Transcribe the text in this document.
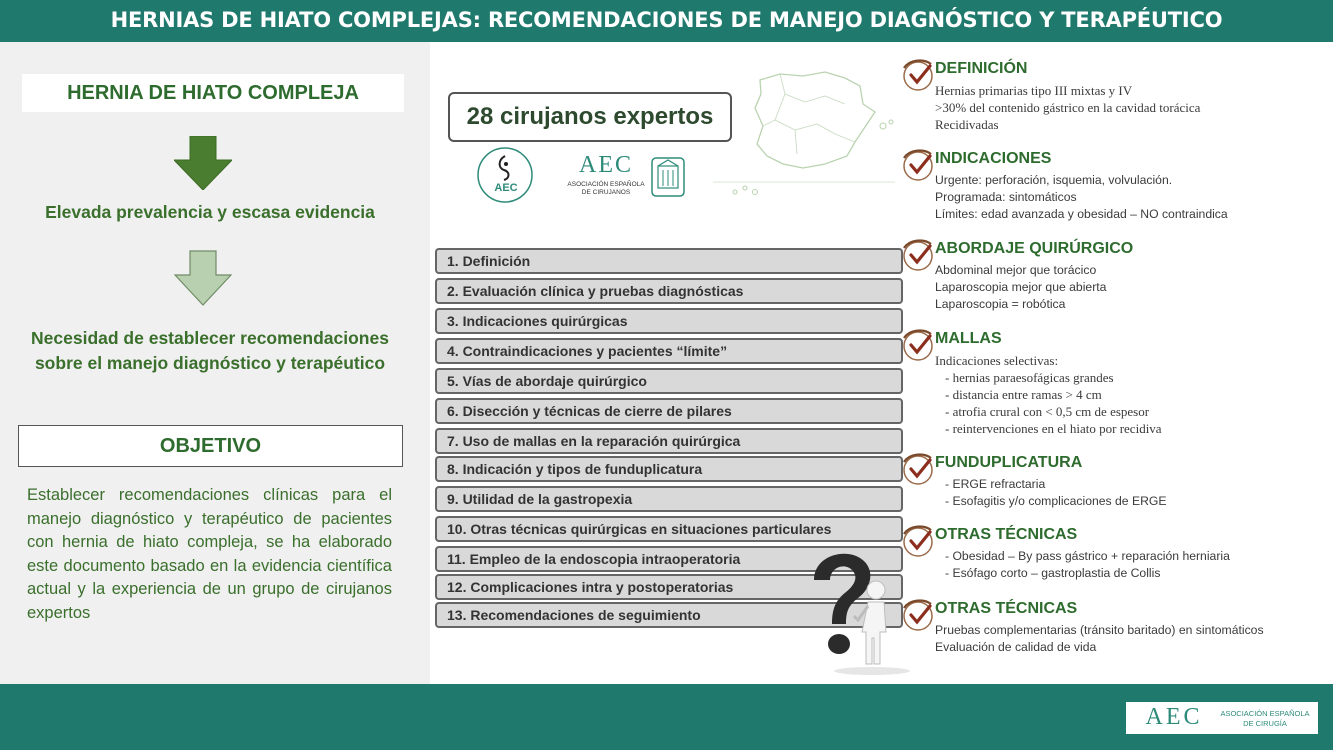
HERNIAS DE HIATO COMPLEJAS: RECOMENDACIONES DE MANEJO DIAGNÓSTICO Y TERAPÉUTICO
HERNIA DE HIATO COMPLEJA
Elevada prevalencia y escasa evidencia
Necesidad de establecer recomendaciones
sobre el manejo diagnóstico y terapéutico
OBJETIVO
Establecer recomendaciones clínicas para el manejo diagnóstico y terapéutico de pacientes con hernia de hiato compleja, se ha elaborado este documento basado en la evidencia científica actual y la experiencia de un grupo de cirujanos expertos
28 cirujanos expertos
AEC
AEC
ASOCIACIÓN ESPAÑOLA
DE CIRUJANOS
1. Definición
2. Evaluación clínica y pruebas diagnósticas
3. Indicaciones quirúrgicas
4. Contraindicaciones y pacientes “límite”
5. Vías de abordaje quirúrgico
6. Disección y técnicas de cierre de pilares
7. Uso de mallas en la reparación quirúrgica
8. Indicación y tipos de funduplicatura
9. Utilidad de la gastropexia
10. Otras técnicas quirúrgicas en situaciones particulares
11. Empleo de la endoscopia intraoperatoria
12. Complicaciones intra y postoperatorias
13. Recomendaciones de seguimiento
DEFINICIÓN
Hernias primarias tipo III mixtas y IV
>30% del contenido gástrico en la cavidad torácica
Recidivadas
INDICACIONES
Urgente: perforación, isquemia, volvulación.
Programada: sintomáticos
Límites: edad avanzada y obesidad – NO contraindica
ABORDAJE QUIRÚRGICO
Abdominal mejor que torácico
Laparoscopia mejor que abierta
Laparoscopia = robótica
MALLAS
Indicaciones selectivas:
- hernias paraesofágicas grandes
- distancia entre ramas > 4 cm
- atrofia crural con < 0,5 cm de espesor
- reintervenciones en el hiato por recidiva
FUNDUPLICATURA
- ERGE refractaria
- Esofagitis y/o complicaciones de ERGE
OTRAS TÉCNICAS
- Obesidad – By pass gástrico + reparación herniaria
- Esófago corto – gastroplastia de Collis
OTRAS TÉCNICAS
Pruebas complementarias (tránsito baritado) en sintomáticos
Evaluación de calidad de vida
AEC	ASOCIACIÓN ESPAÑOLA
DE CIRUGÍA
